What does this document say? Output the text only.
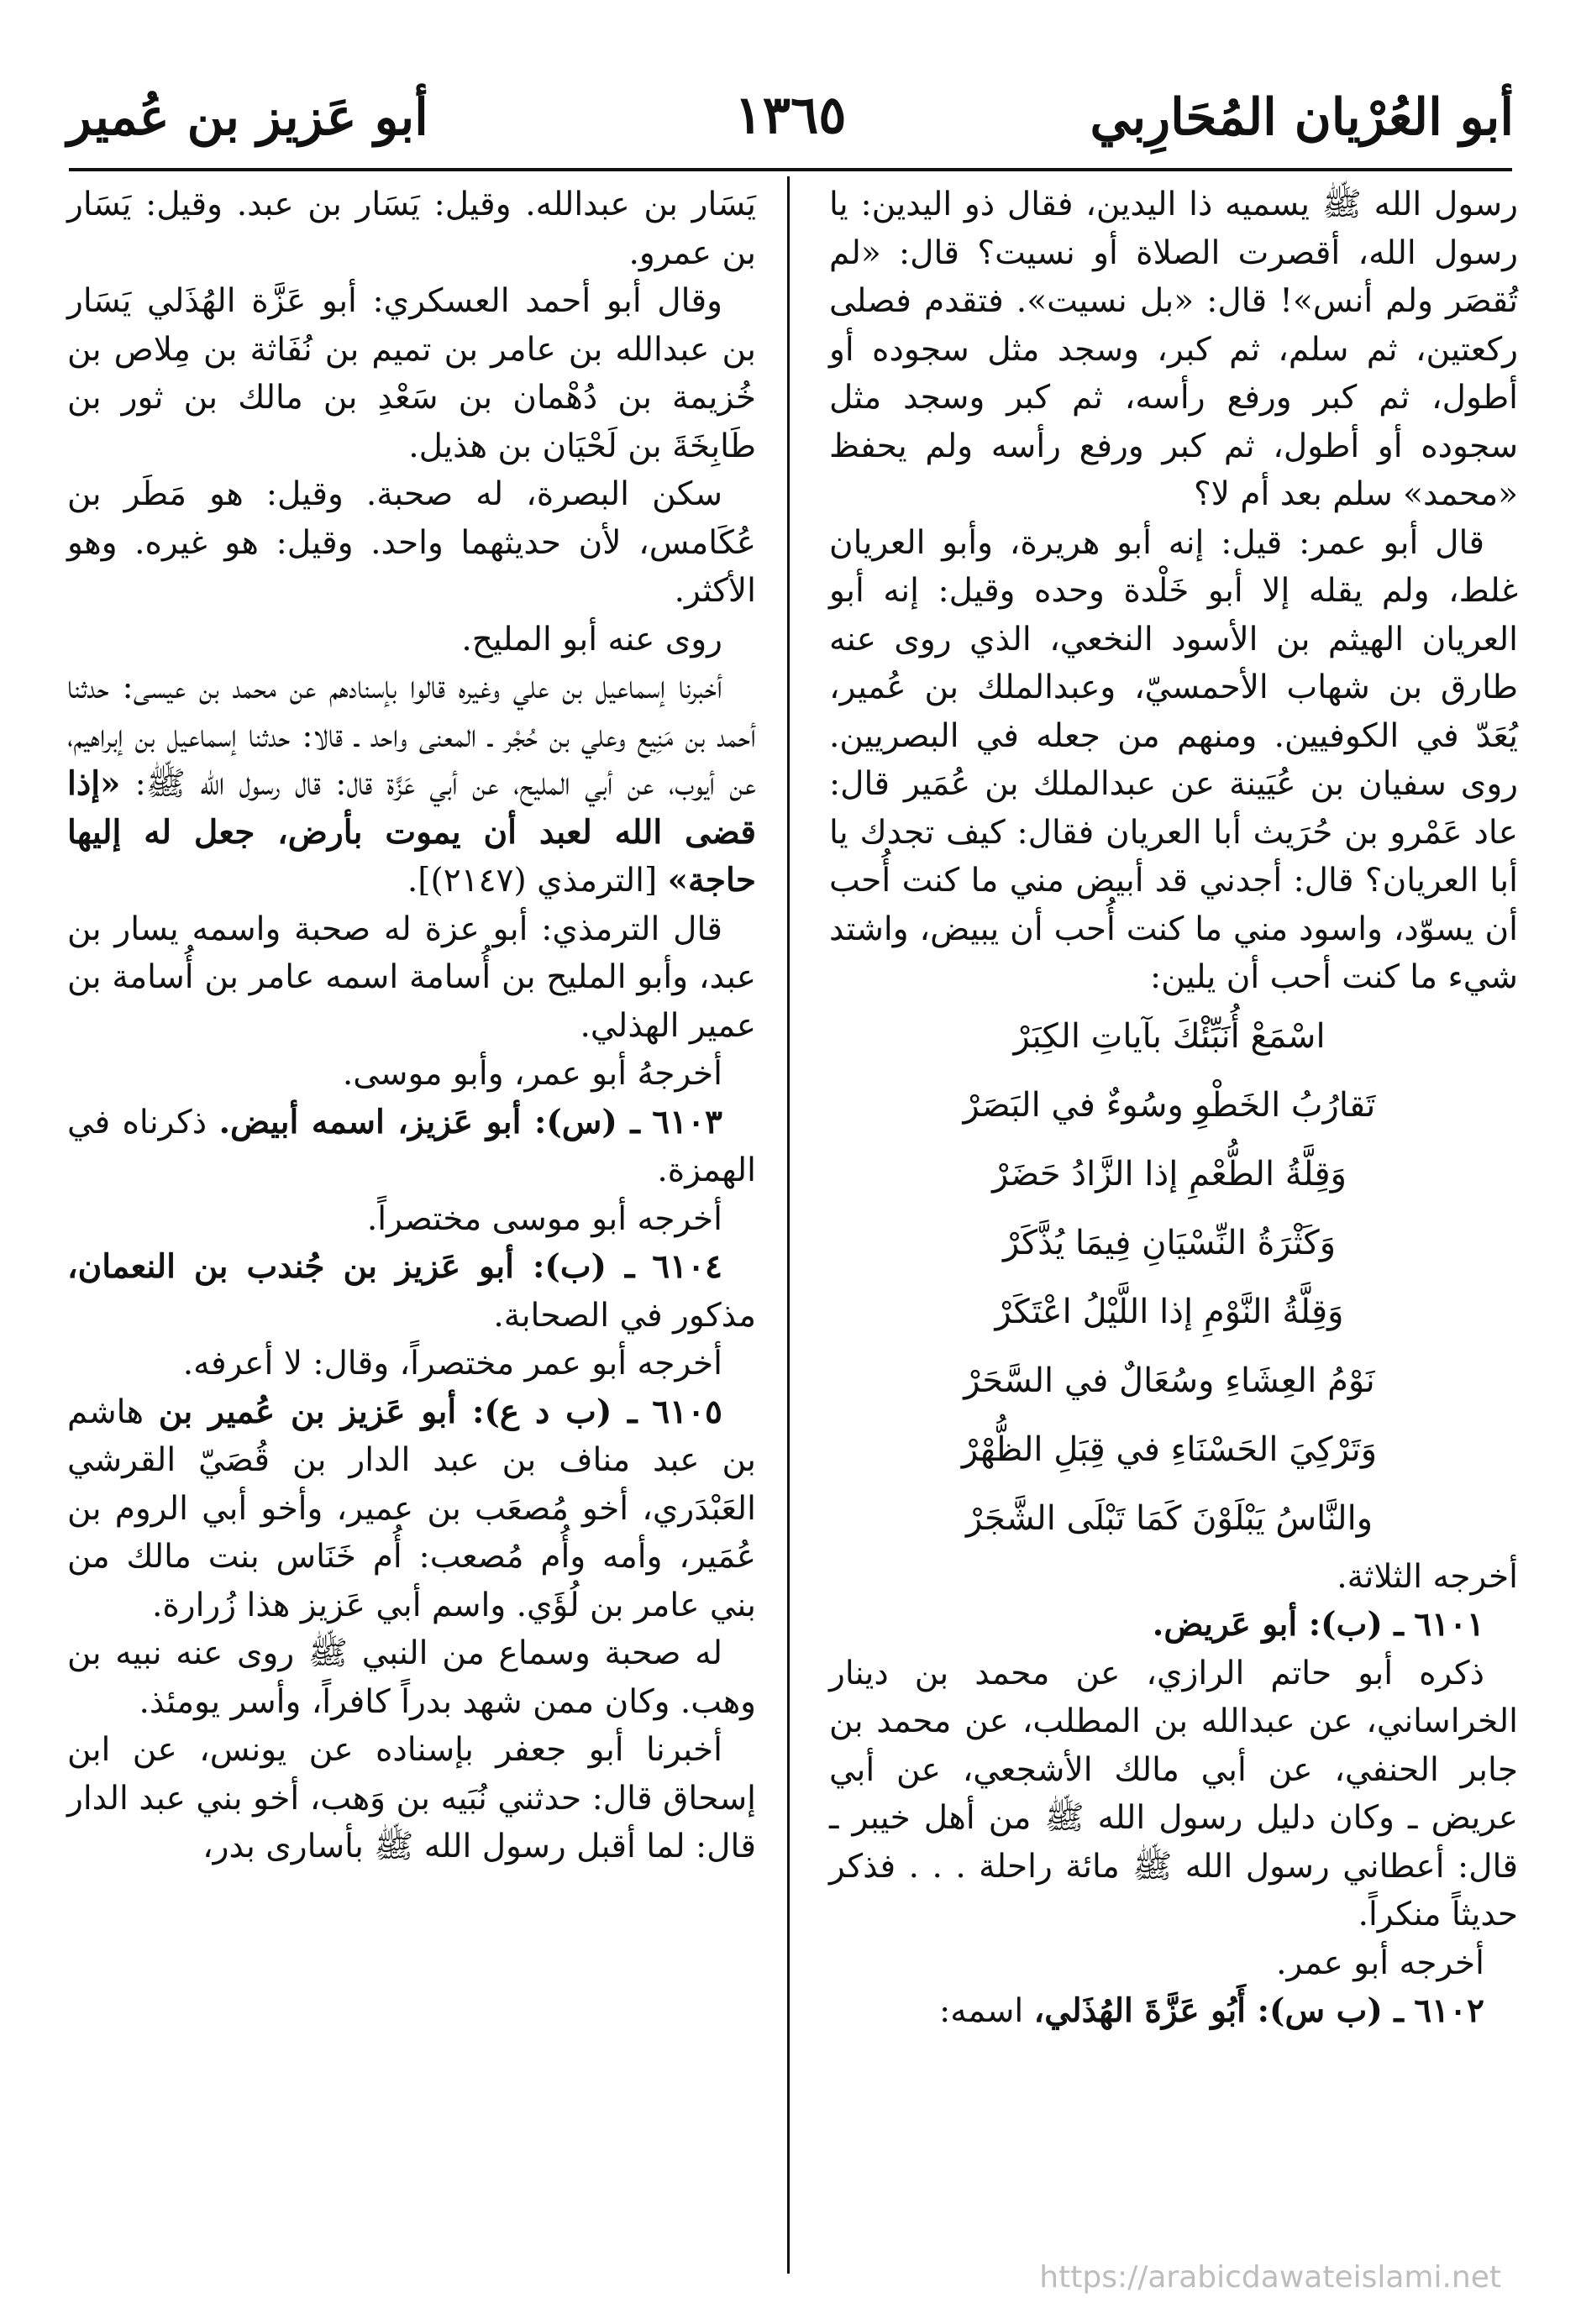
أبو العُرْيان المُحَارِبي
١٣٦٥
أبو عَزيز بن عُمير

رسول الله ﷺ يسميه ذا اليدين، فقال ذو اليدين: يا رسول الله، أقصرت الصلاة أو نسيت؟ قال: «لم تُقصَر ولم أنس»! قال: «بل نسيت». فتقدم فصلى ركعتين، ثم سلم، ثم كبر، وسجد مثل سجوده أو أطول، ثم كبر ورفع رأسه، ثم كبر وسجد مثل سجوده أو أطول، ثم كبر ورفع رأسه ولم يحفظ «محمد» سلم بعد أم لا؟

قال أبو عمر: قيل: إنه أبو هريرة، وأبو العريان غلط، ولم يقله إلا أبو خَلْدة وحده وقيل: إنه أبو العريان الهيثم بن الأسود النخعي، الذي روى عنه طارق بن شهاب الأحمسيّ، وعبدالملك بن عُمير، يُعَدّ في الكوفيين. ومنهم من جعله في البصريين. روى سفيان بن عُيَينة عن عبدالملك بن عُمَير قال: عاد عَمْرو بن حُرَيث أبا العريان فقال: كيف تجدك يا أبا العريان؟ قال: أجدني قد أبيض مني ما كنت أُحب أن يسوّد، واسود مني ما كنت أُحب أن يبيض، واشتد شيء ما كنت أحب أن يلين:

اسْمَعْ أُنَبِّئْكَ بآياتِ الكِبَرْ

تَقارُبُ الخَطْوِ وسُوءٌ في البَصَرْ

وَقِلَّةُ الطُّعْمِ إذا الزَّادُ حَضَرْ

وَكَثْرَةُ النِّسْيَانِ فِيمَا يُذَّكَرْ

وَقِلَّةُ النَّوْمِ إذا اللَّيْلُ اعْتَكَرْ

نَوْمُ العِشَاءِ وسُعَالٌ في السَّحَرْ

وَتَرْكِيَ الحَسْنَاءِ في قِبَلِ الظُّهْرْ

والنَّاسُ يَبْلَوْنَ كَمَا تَبْلَى الشَّجَرْ

أخرجه الثلاثة.

٦١٠١ ـ (ب): أبو عَريض.

ذكره أبو حاتم الرازي، عن محمد بن دينار الخراساني، عن عبدالله بن المطلب، عن محمد بن جابر الحنفي، عن أبي مالك الأشجعي، عن أبي عريض ـ وكان دليل رسول الله ﷺ من أهل خيبر ـ قال: أعطاني رسول الله ﷺ مائة راحلة . . . فذكر حديثاً منكراً.

أخرجه أبو عمر.

٦١٠٢ ـ (ب س): أَبُو عَزَّةَ الهُذَلي، اسمه:

يَسَار بن عبدالله. وقيل: يَسَار بن عبد. وقيل: يَسَار بن عمرو.

وقال أبو أحمد العسكري: أبو عَزَّة الهُذَلي يَسَار بن عبدالله بن عامر بن تميم بن نُفَاثة بن مِلاص بن خُزيمة بن دُهْمان بن سَعْدِ بن مالك بن ثور بن طَابِخَةَ بن لَحْيَان بن هذيل.

سكن البصرة، له صحبة. وقيل: هو مَطَر بن عُكَامس، لأن حديثهما واحد. وقيل: هو غيره. وهو الأكثر.

روى عنه أبو المليح.

أخبرنا إسماعيل بن علي وغيره قالوا بإسنادهم عن محمد بن عيسى: حدثنا أحمد بن مَنِيع وعلي بن حُجْر ـ المعنى واحد ـ قالا: حدثنا إسماعيل بن إبراهيم، عن أيوب، عن أبي المليح، عن أبي عَزَّة قال: قال رسول الله ﷺ: «إذا قضى الله لعبد أن يموت بأرض، جعل له إليها حاجة» [الترمذي (٢١٤٧)].

قال الترمذي: أبو عزة له صحبة واسمه يسار بن عبد، وأبو المليح بن أُسامة اسمه عامر بن أُسامة بن عمير الهذلي.

أخرجهُ أبو عمر، وأبو موسى.

٦١٠٣ ـ (س): أبو عَزيز، اسمه أبيض. ذكرناه في الهمزة.

أخرجه أبو موسى مختصراً.

٦١٠٤ ـ (ب): أبو عَزيز بن جُندب بن النعمان، مذكور في الصحابة.

أخرجه أبو عمر مختصراً، وقال: لا أعرفه.

٦١٠٥ ـ (ب د ع): أبو عَزيز بن عُمير بن هاشم بن عبد مناف بن عبد الدار بن قُصَيّ القرشي العَبْدَري، أخو مُصعَب بن عمير، وأخو أبي الروم بن عُمَير، وأمه وأُم مُصعب: أُم خَنَاس بنت مالك من بني عامر بن لُؤَي. واسم أبي عَزيز هذا زُرارة.

له صحبة وسماع من النبي ﷺ روى عنه نبيه بن وهب. وكان ممن شهد بدراً كافراً، وأسر يومئذ.

أخبرنا أبو جعفر بإسناده عن يونس، عن ابن إسحاق قال: حدثني نُبَيه بن وَهب، أخو بني عبد الدار قال: لما أقبل رسول الله ﷺ بأسارى بدر،

https://arabicdawateislami.net
